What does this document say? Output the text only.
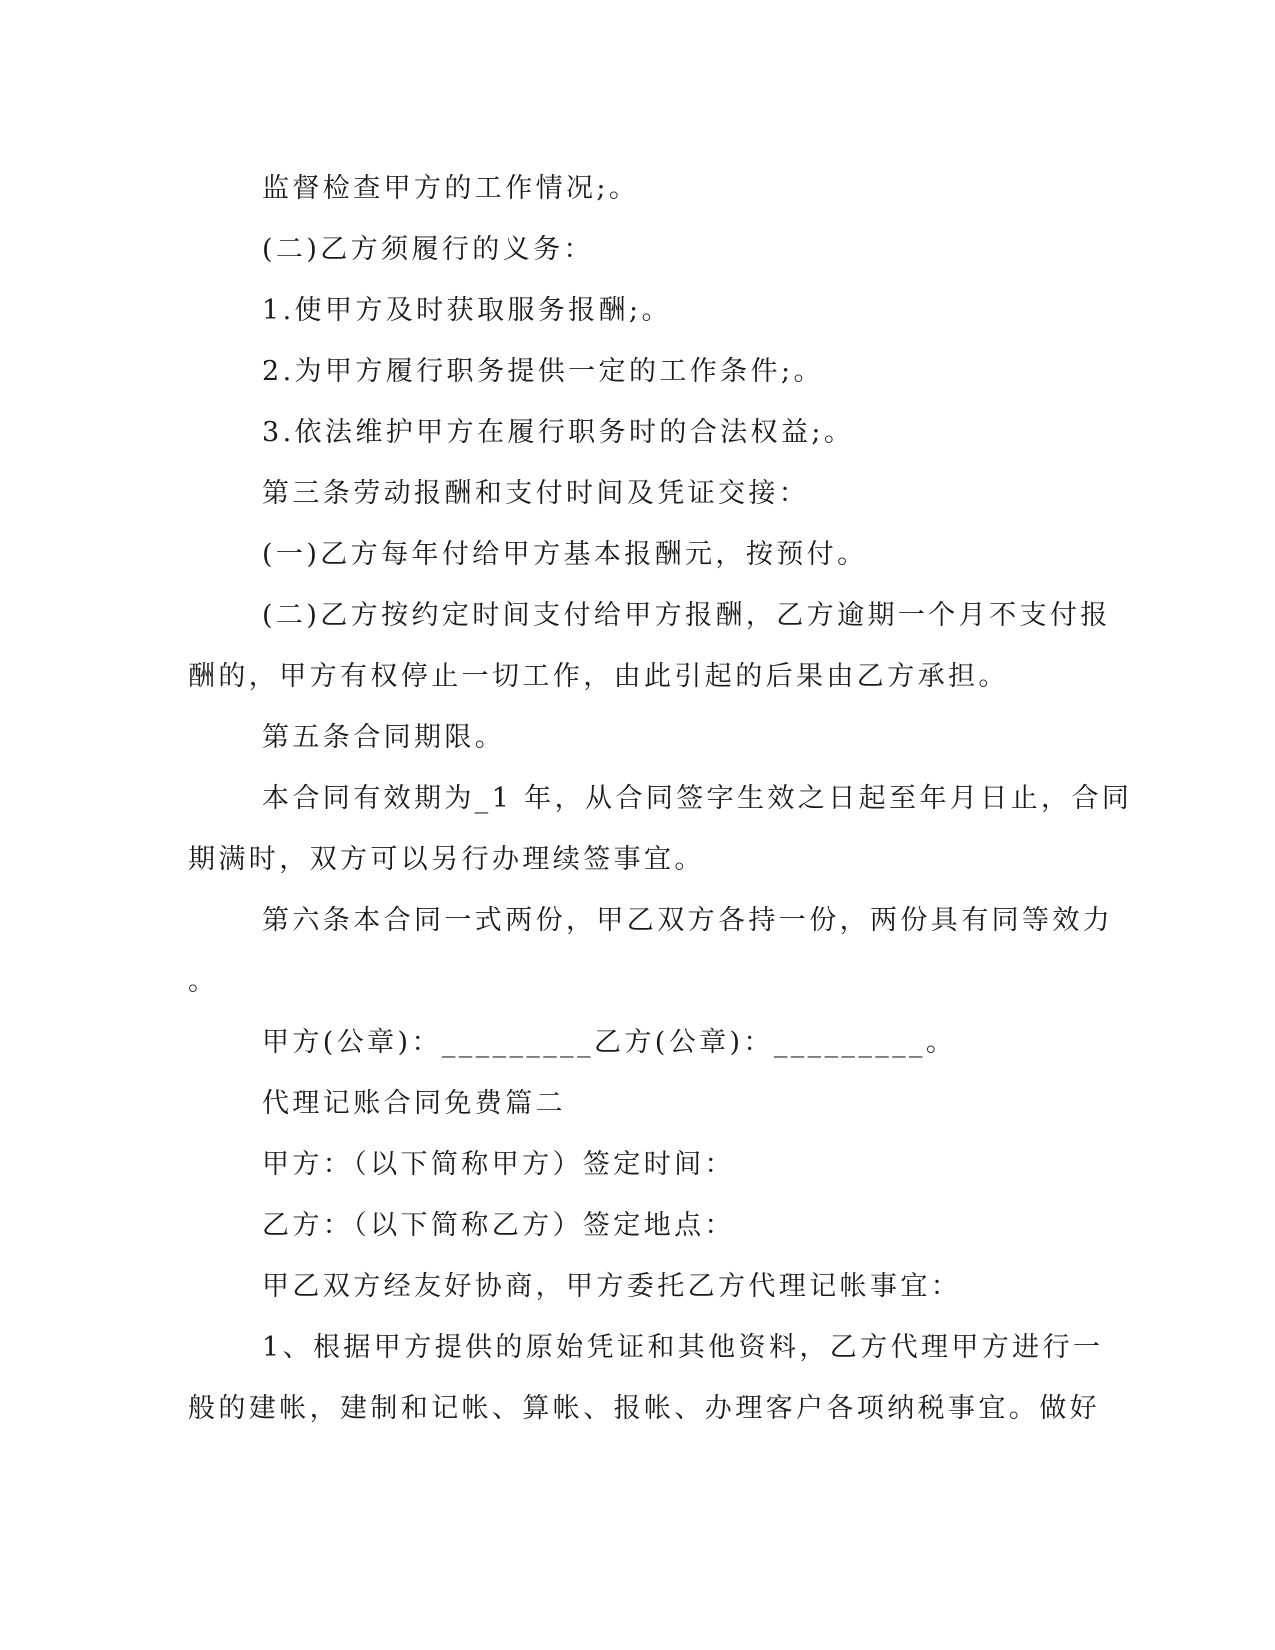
监督检查甲方的工作情况;。

(二)乙方须履行的义务：

1.使甲方及时获取服务报酬;。

2.为甲方履行职务提供一定的工作条件;。

3.依法维护甲方在履行职务时的合法权益;。

第三条劳动报酬和支付时间及凭证交接：

(一)乙方每年付给甲方基本报酬元，按预付。

(二)乙方按约定时间支付给甲方报酬，乙方逾期一个月不支付报

酬的，甲方有权停止一切工作，由此引起的后果由乙方承担。

第五条合同期限。

本合同有效期为_1 年，从合同签字生效之日起至年月日止，合同

期满时，双方可以另行办理续签事宜。

第六条本合同一式两份，甲乙双方各持一份，两份具有同等效力

。

甲方(公章)：_________乙方(公章)：_________。

代理记账合同免费篇二

甲方：（以下简称甲方）签定时间：

乙方：（以下简称乙方）签定地点：

甲乙双方经友好协商，甲方委托乙方代理记帐事宜：

1、根据甲方提供的原始凭证和其他资料，乙方代理甲方进行一

般的建帐，建制和记帐、算帐、报帐、办理客户各项纳税事宜。做好
